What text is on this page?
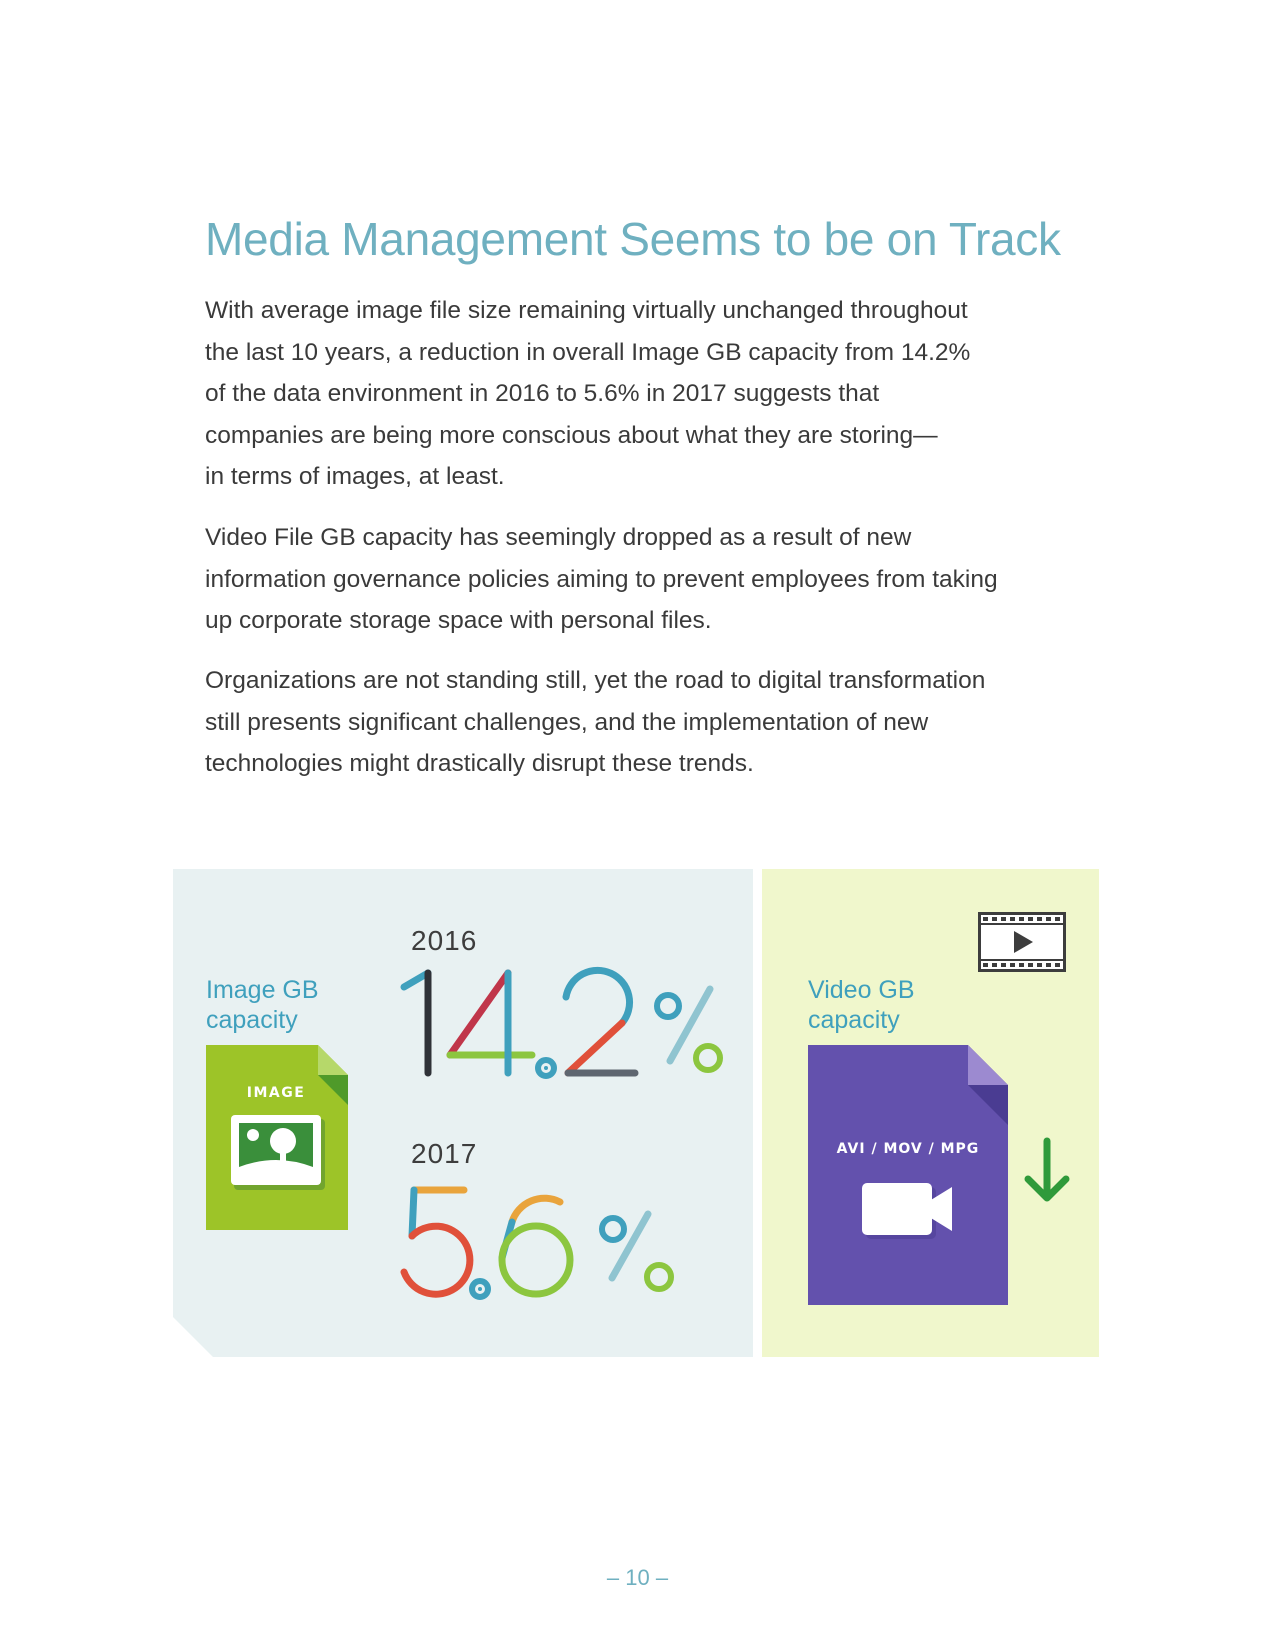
Media Management Seems to be on Track
With average image file size remaining virtually unchanged throughout
the last 10 years, a reduction in overall Image GB capacity from 14.2%
of the data environment in 2016 to 5.6% in 2017 suggests that
companies are being more conscious about what they are storing—
in terms of images, at least.
Video File GB capacity has seemingly dropped as a result of new
information governance policies aiming to prevent employees from taking
up corporate storage space with personal files.
Organizations are not standing still, yet the road to digital transformation
still presents significant challenges, and the implementation of new
technologies might drastically disrupt these trends.
Image GB
capacity
IMAGE
2016
2017
Video GB
capacity
AVI / MOV / MPG
– 10 –
